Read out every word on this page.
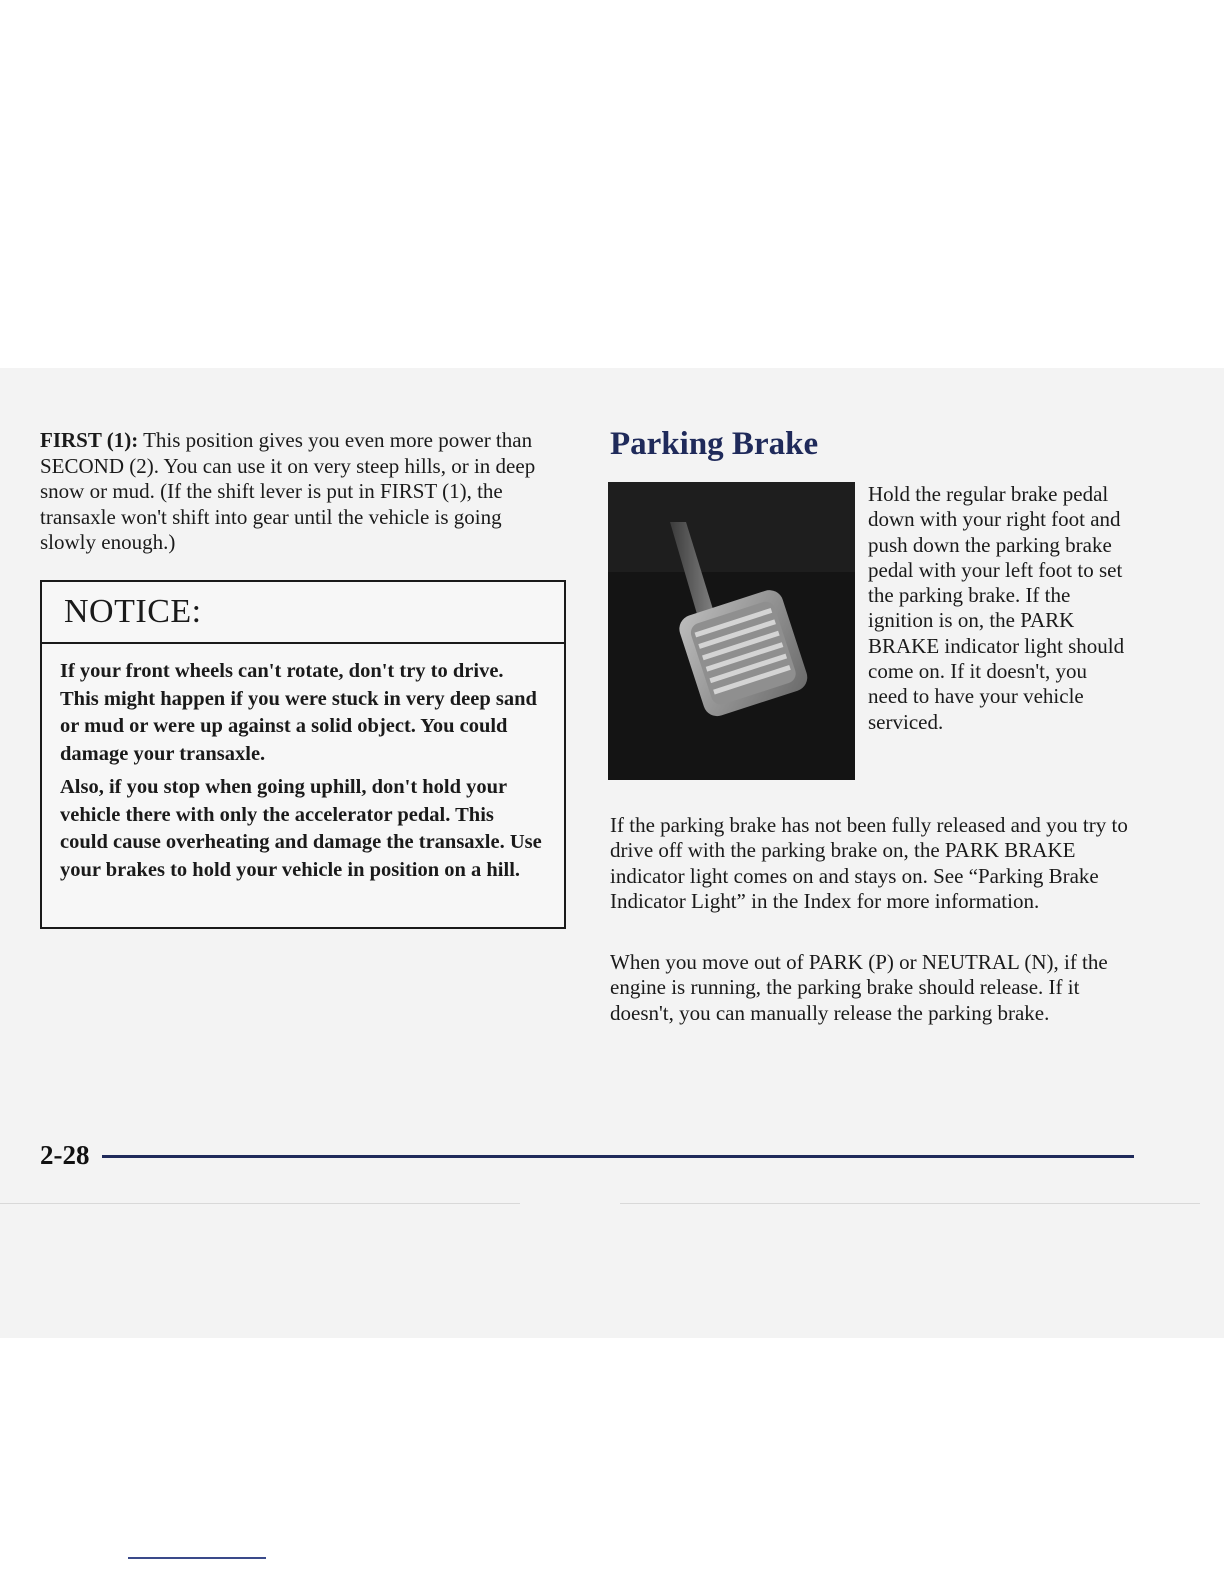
FIRST (1): This position gives you even more power than SECOND (2). You can use it on very steep hills, or in deep snow or mud. (If the shift lever is put in FIRST (1), the transaxle won't shift into gear until the vehicle is going slowly enough.)

NOTICE:

If your front wheels can't rotate, don't try to drive. This might happen if you were stuck in very deep sand or mud or were up against a solid object. You could damage your transaxle.

Also, if you stop when going uphill, don't hold your vehicle there with only the accelerator pedal. This could cause overheating and damage the transaxle. Use your brakes to hold your vehicle in position on a hill.

Parking Brake

Hold the regular brake pedal down with your right foot and push down the parking brake pedal with your left foot to set the parking brake. If the ignition is on, the PARK BRAKE indicator light should come on. If it doesn't, you need to have your vehicle serviced.

If the parking brake has not been fully released and you try to drive off with the parking brake on, the PARK BRAKE indicator light comes on and stays on. See “Parking Brake Indicator Light” in the Index for more information.

When you move out of PARK (P) or NEUTRAL (N), if the engine is running, the parking brake should release. If it doesn't, you can manually release the parking brake.

2-28
